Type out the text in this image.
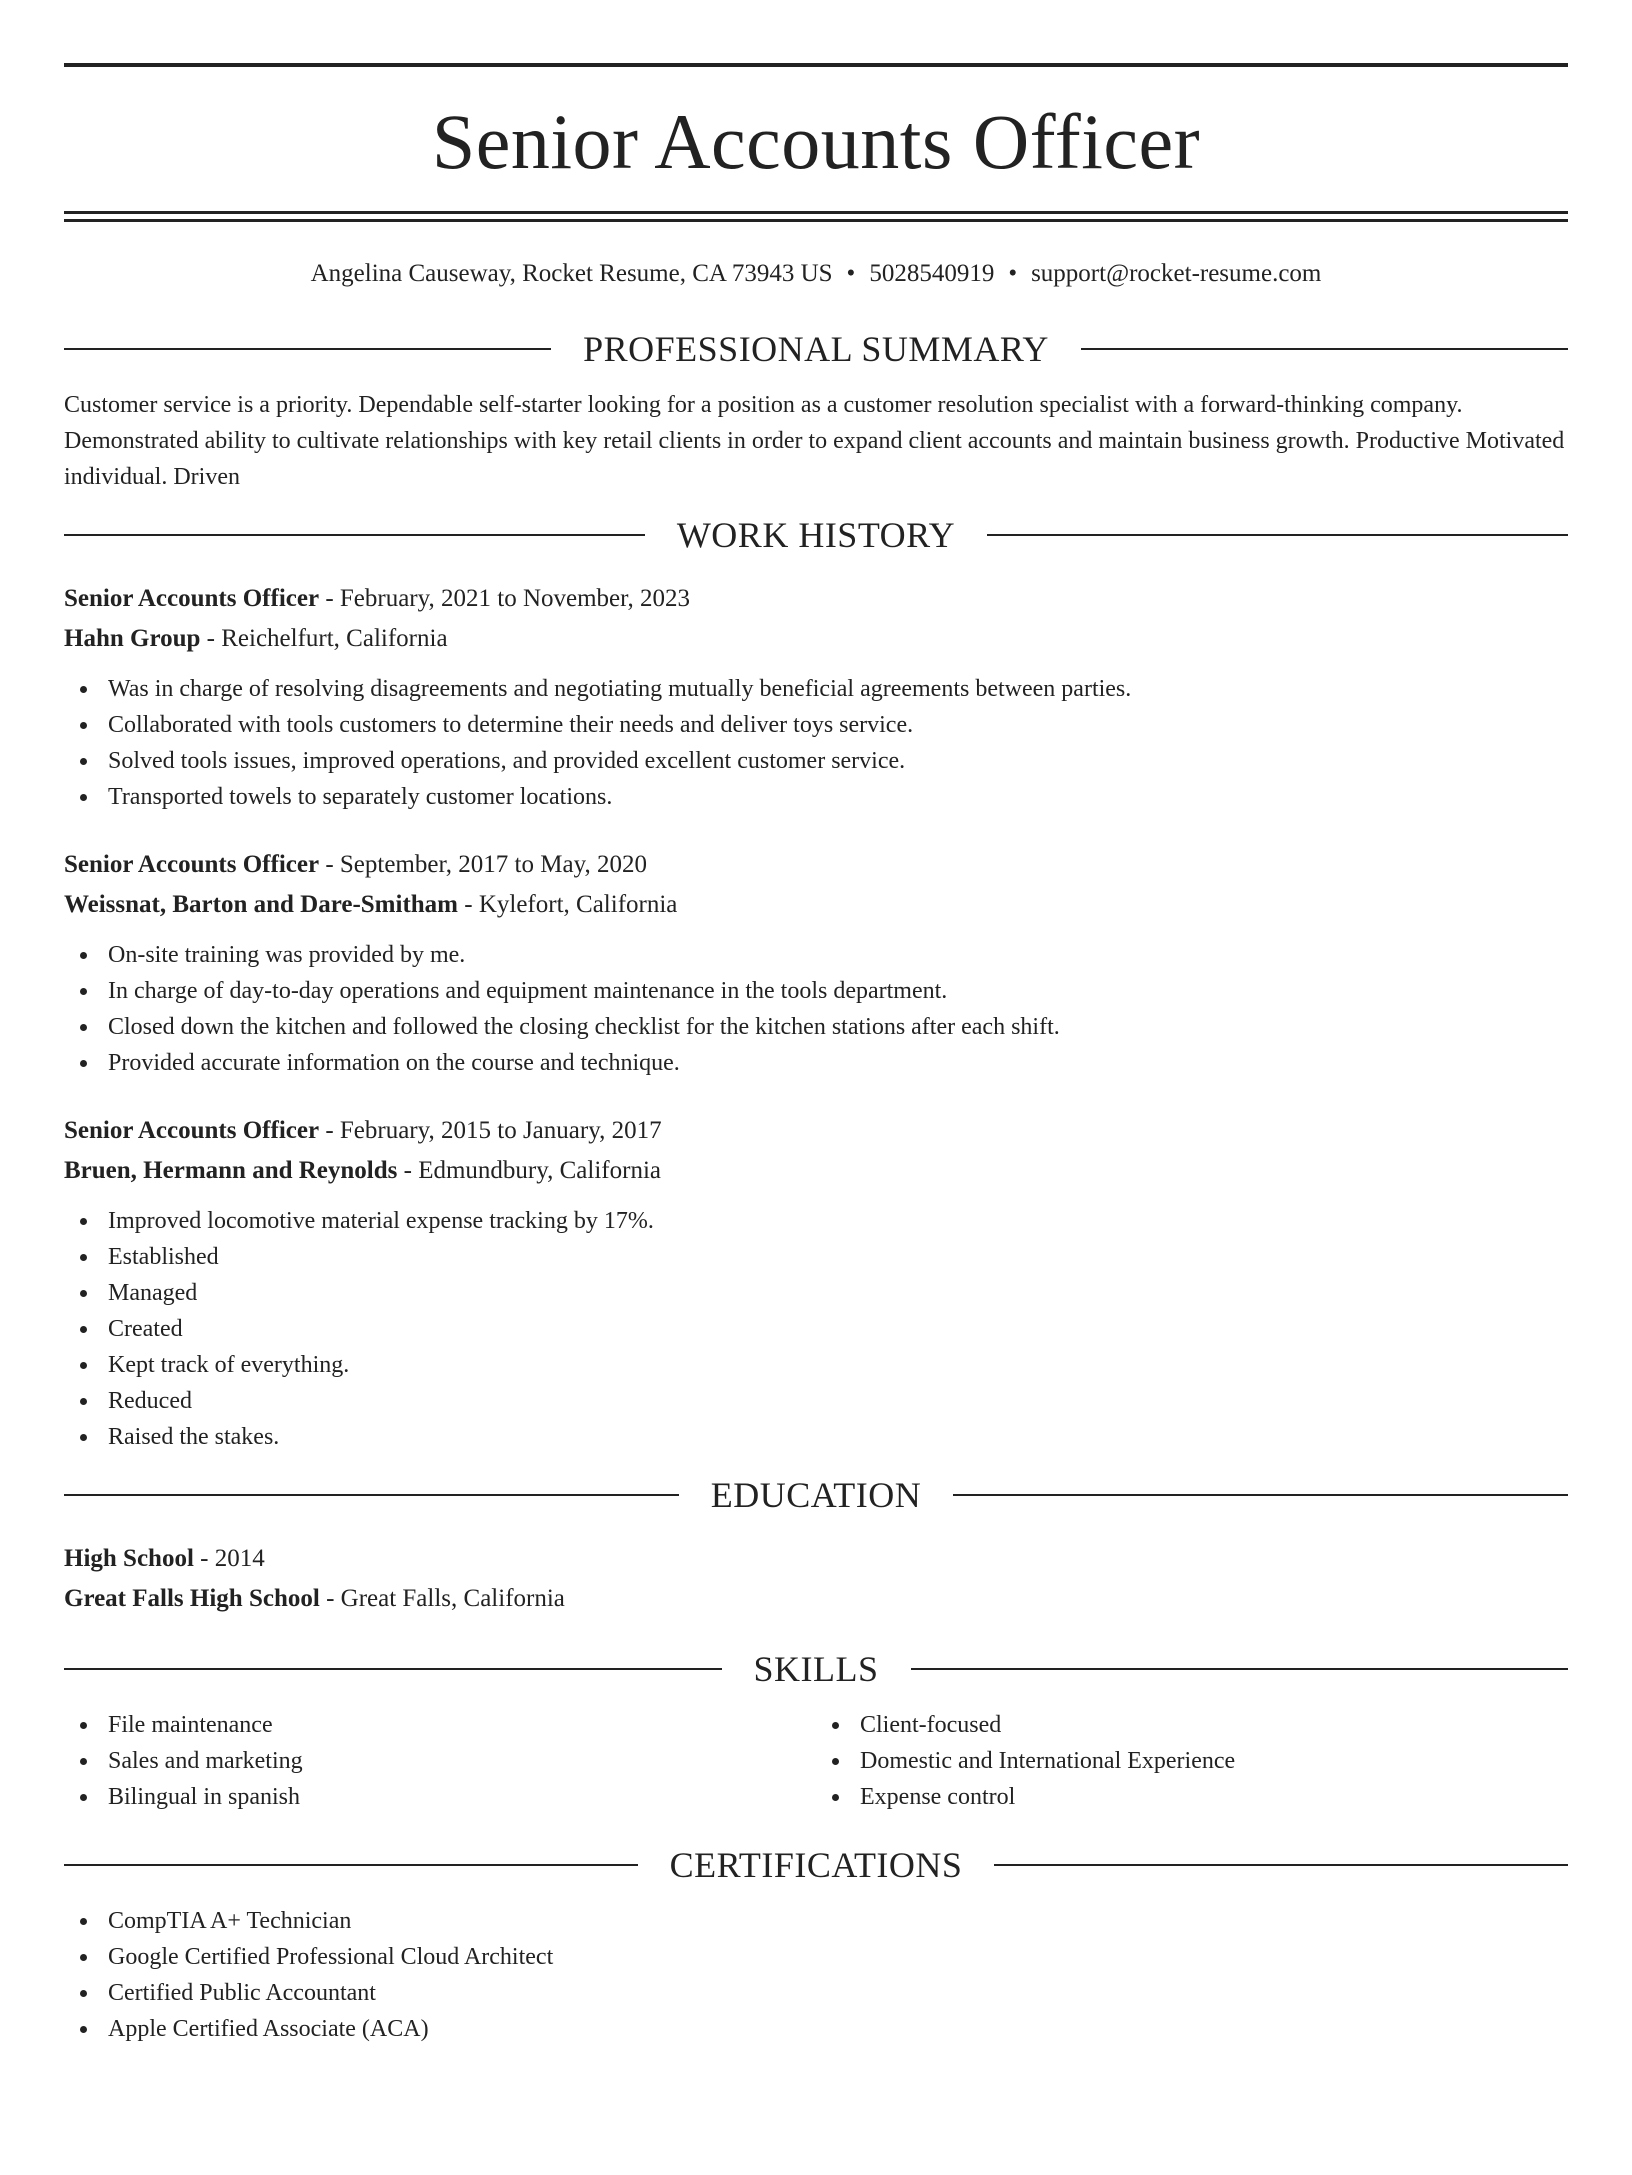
Senior Accounts Officer
Angelina Causeway, Rocket Resume, CA 73943 US • 5028540919 • support@rocket-resume.com
PROFESSIONAL SUMMARY
Customer service is a priority. Dependable self-starter looking for a position as a customer resolution specialist with a forward-thinking company. Demonstrated ability to cultivate relationships with key retail clients in order to expand client accounts and maintain business growth. Productive Motivated individual. Driven
WORK HISTORY
Senior Accounts Officer - February, 2021 to November, 2023
Hahn Group - Reichelfurt, California
Was in charge of resolving disagreements and negotiating mutually beneficial agreements between parties.
Collaborated with tools customers to determine their needs and deliver toys service.
Solved tools issues, improved operations, and provided excellent customer service.
Transported towels to separately customer locations.
Senior Accounts Officer - September, 2017 to May, 2020
Weissnat, Barton and Dare-Smitham - Kylefort, California
On-site training was provided by me.
In charge of day-to-day operations and equipment maintenance in the tools department.
Closed down the kitchen and followed the closing checklist for the kitchen stations after each shift.
Provided accurate information on the course and technique.
Senior Accounts Officer - February, 2015 to January, 2017
Bruen, Hermann and Reynolds - Edmundbury, California
Improved locomotive material expense tracking by 17%.
Established
Managed
Created
Kept track of everything.
Reduced
Raised the stakes.
EDUCATION
High School - 2014
Great Falls High School - Great Falls, California
SKILLS
File maintenance
Sales and marketing
Bilingual in spanish
Client-focused
Domestic and International Experience
Expense control
CERTIFICATIONS
CompTIA A+ Technician
Google Certified Professional Cloud Architect
Certified Public Accountant
Apple Certified Associate (ACA)
